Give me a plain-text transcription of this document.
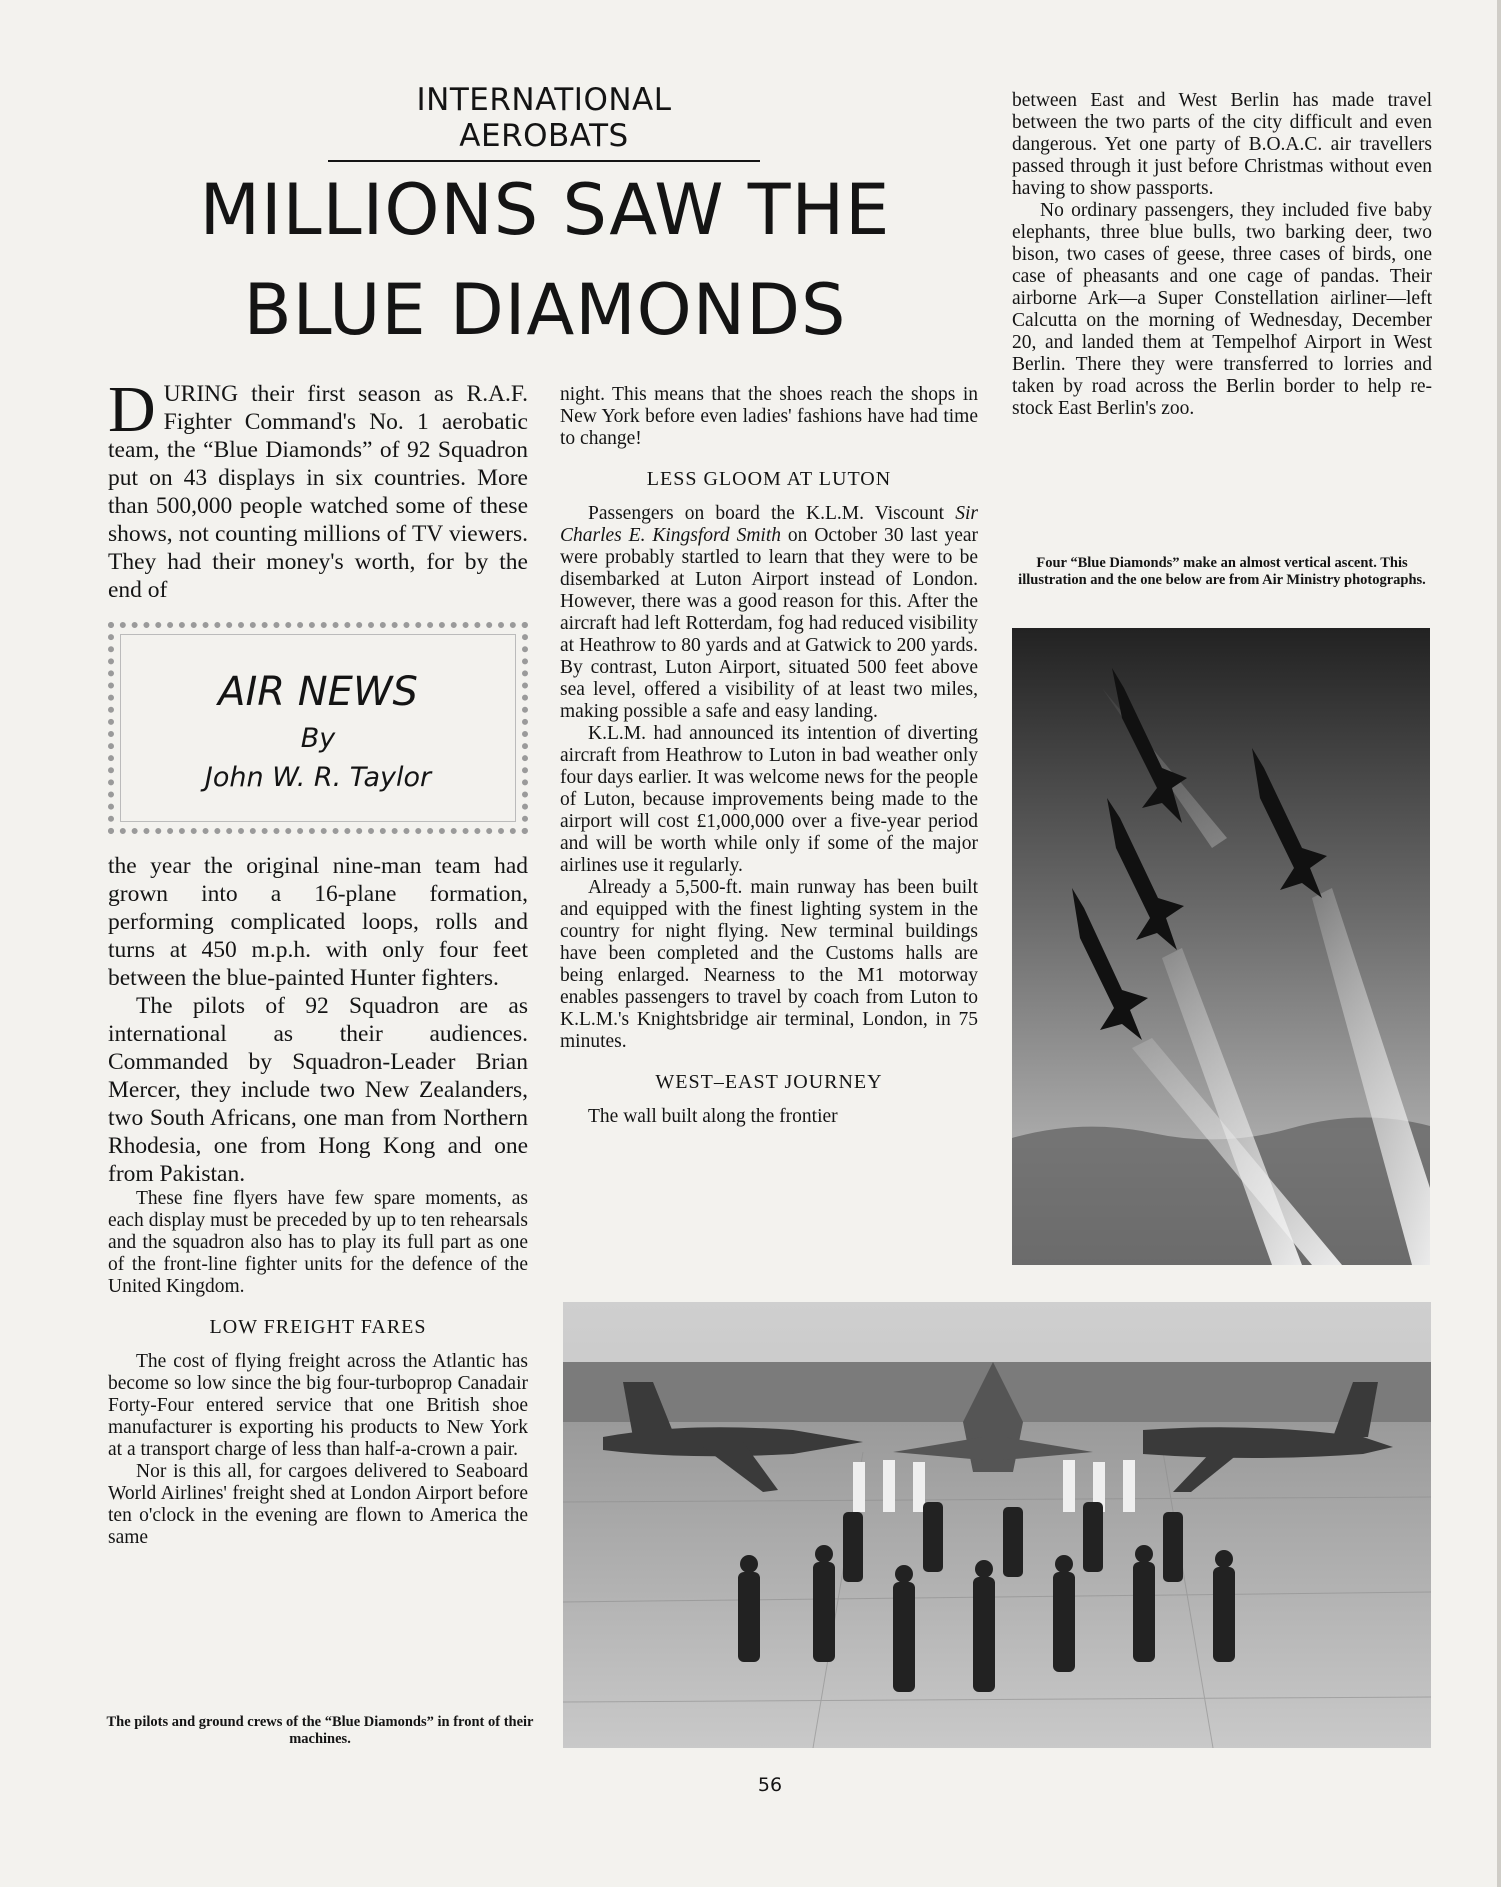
INTERNATIONAL AEROBATS
MILLIONS SAW THE
BLUE DIAMONDS

DURING their first season as R.A.F. Fighter Command's No. 1 aerobatic team, the “Blue Diamonds” of 92 Squadron put on 43 displays in six countries. More than 500,000 people watched some of these shows, not counting millions of TV viewers. They had their money's worth, for by the end of

AIR NEWS
By
John W. R. Taylor

the year the original nine-man team had grown into a 16-plane formation, performing complicated loops, rolls and turns at 450 m.p.h. with only four feet between the blue-painted Hunter fighters.

The pilots of 92 Squadron are as international as their audiences. Commanded by Squadron-Leader Brian Mercer, they include two New Zealanders, two South Africans, one man from Northern Rhodesia, one from Hong Kong and one from Pakistan.

These fine flyers have few spare moments, as each display must be preceded by up to ten rehearsals and the squadron also has to play its full part as one of the front-line fighter units for the defence of the United Kingdom.

LOW FREIGHT FARES

The cost of flying freight across the Atlantic has become so low since the big four-turboprop Canadair Forty-Four entered service that one British shoe manufacturer is exporting his products to New York at a transport charge of less than half-a-crown a pair.

Nor is this all, for cargoes delivered to Seaboard World Airlines' freight shed at London Airport before ten o'clock in the evening are flown to America the same

night. This means that the shoes reach the shops in New York before even ladies' fashions have had time to change!

LESS GLOOM AT LUTON

Passengers on board the K.L.M. Viscount Sir Charles E. Kingsford Smith on October 30 last year were probably startled to learn that they were to be disembarked at Luton Airport instead of London. However, there was a good reason for this. After the aircraft had left Rotterdam, fog had reduced visibility at Heathrow to 80 yards and at Gatwick to 200 yards. By contrast, Luton Airport, situated 500 feet above sea level, offered a visibility of at least two miles, making possible a safe and easy landing.

K.L.M. had announced its intention of diverting aircraft from Heathrow to Luton in bad weather only four days earlier. It was welcome news for the people of Luton, because improvements being made to the airport will cost £1,000,000 over a five-year period and will be worth while only if some of the major airlines use it regularly.

Already a 5,500-ft. main runway has been built and equipped with the finest lighting system in the country for night flying. New terminal buildings have been completed and the Customs halls are being enlarged. Nearness to the M1 motorway enables passengers to travel by coach from Luton to K.L.M.'s Knightsbridge air terminal, London, in 75 minutes.

WEST–EAST JOURNEY

The wall built along the frontier

between East and West Berlin has made travel between the two parts of the city difficult and even dangerous. Yet one party of B.O.A.C. air travellers passed through it just before Christmas without even having to show passports.

No ordinary passengers, they included five baby elephants, three blue bulls, two barking deer, two bison, two cases of geese, three cases of birds, one case of pheasants and one cage of pandas. Their airborne Ark—a Super Constellation airliner—left Calcutta on the morning of Wednesday, December 20, and landed them at Tempelhof Airport in West Berlin. There they were transferred to lorries and taken by road across the Berlin border to help re-stock East Berlin's zoo.

Four “Blue Diamonds” make an almost vertical ascent. This illustration and the one below are from Air Ministry photographs.
The pilots and ground crews of the “Blue Diamonds” in front of their machines.
56
